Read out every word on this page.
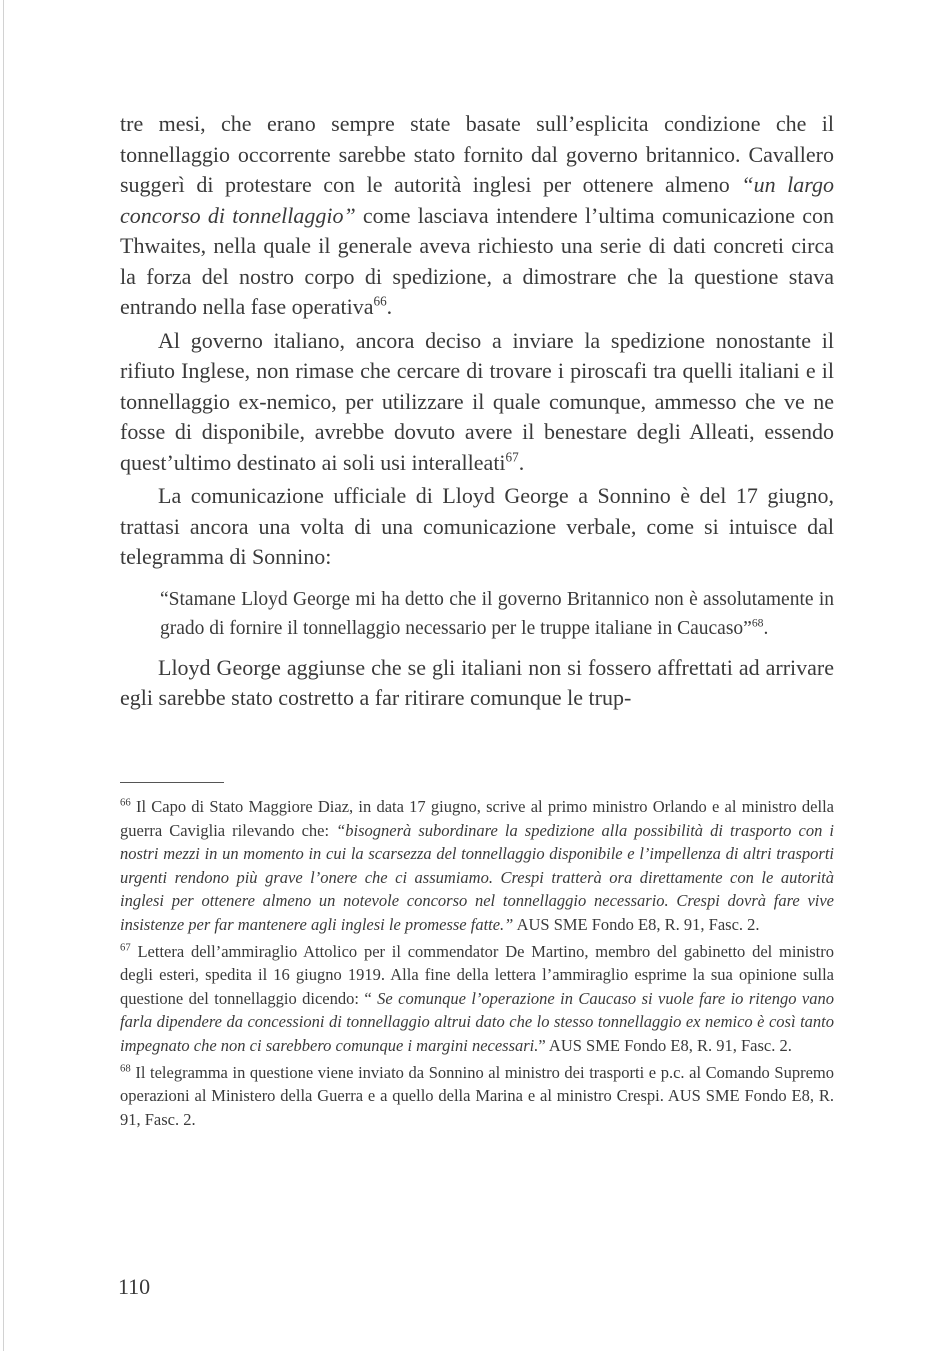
tre mesi, che erano sempre state basate sull’esplicita condizione che il tonnellaggio occorrente sarebbe stato fornito dal governo britannico. Cavallero suggerì di protestare con le autorità inglesi per ottenere almeno “un largo concorso di tonnellaggio” come lasciava intendere l’ultima comunicazione con Thwaites, nella quale il generale aveva richiesto una serie di dati concreti circa la forza del nostro corpo di spedizione, a dimostrare che la questione stava entrando nella fase operativa$^{66}$.

Al governo italiano, ancora deciso a inviare la spedizione nonostante il rifiuto Inglese, non rimase che cercare di trovare i piroscafi tra quelli italiani e il tonnellaggio ex-nemico, per utilizzare il quale comunque, ammesso che ve ne fosse di disponibile, avrebbe dovuto avere il benestare degli Alleati, essendo quest’ultimo destinato ai soli usi interalleati$^{67}$.

La comunicazione ufficiale di Lloyd George a Sonnino è del 17 giugno, trattasi ancora una volta di una comunicazione verbale, come si intuisce dal telegramma di Sonnino:

“Stamane Lloyd George mi ha detto che il governo Britannico non è assolutamente in grado di fornire il tonnellaggio necessario per le truppe italiane in Caucaso”$^{68}$.

Lloyd George aggiunse che se gli italiani non si fossero affrettati ad arrivare egli sarebbe stato costretto a far ritirare comunque le trup-

$^{66}$ Il Capo di Stato Maggiore Diaz, in data 17 giugno, scrive al primo ministro Orlando e al ministro della guerra Caviglia rilevando che: “bisognerà subordinare la spedizione alla possibilità di trasporto con i nostri mezzi in un momento in cui la scarsezza del tonnellaggio disponibile e l’impellenza di altri trasporti urgenti rendono più grave l’onere che ci assumiamo. Crespi tratterà ora direttamente con le autorità inglesi per ottenere almeno un notevole concorso nel tonnellaggio necessario. Crespi dovrà fare vive insistenze per far mantenere agli inglesi le promesse fatte.” AUS SME Fondo E8, R. 91, Fasc. 2.

$^{67}$ Lettera dell’ammiraglio Attolico per il commendator De Martino, membro del gabinetto del ministro degli esteri, spedita il 16 giugno 1919. Alla fine della lettera l’ammiraglio esprime la sua opinione sulla questione del tonnellaggio dicendo: “ Se comunque l’operazione in Caucaso si vuole fare io ritengo vano farla dipendere da concessioni di tonnellaggio altrui dato che lo stesso tonnellaggio ex nemico è così tanto impegnato che non ci sarebbero comunque i margini necessari.” AUS SME Fondo E8, R. 91, Fasc. 2.

$^{68}$ Il telegramma in questione viene inviato da Sonnino al ministro dei trasporti e p.c. al Comando Supremo operazioni al Ministero della Guerra e a quello della Marina e al ministro Crespi. AUS SME Fondo E8, R. 91, Fasc. 2.

110
